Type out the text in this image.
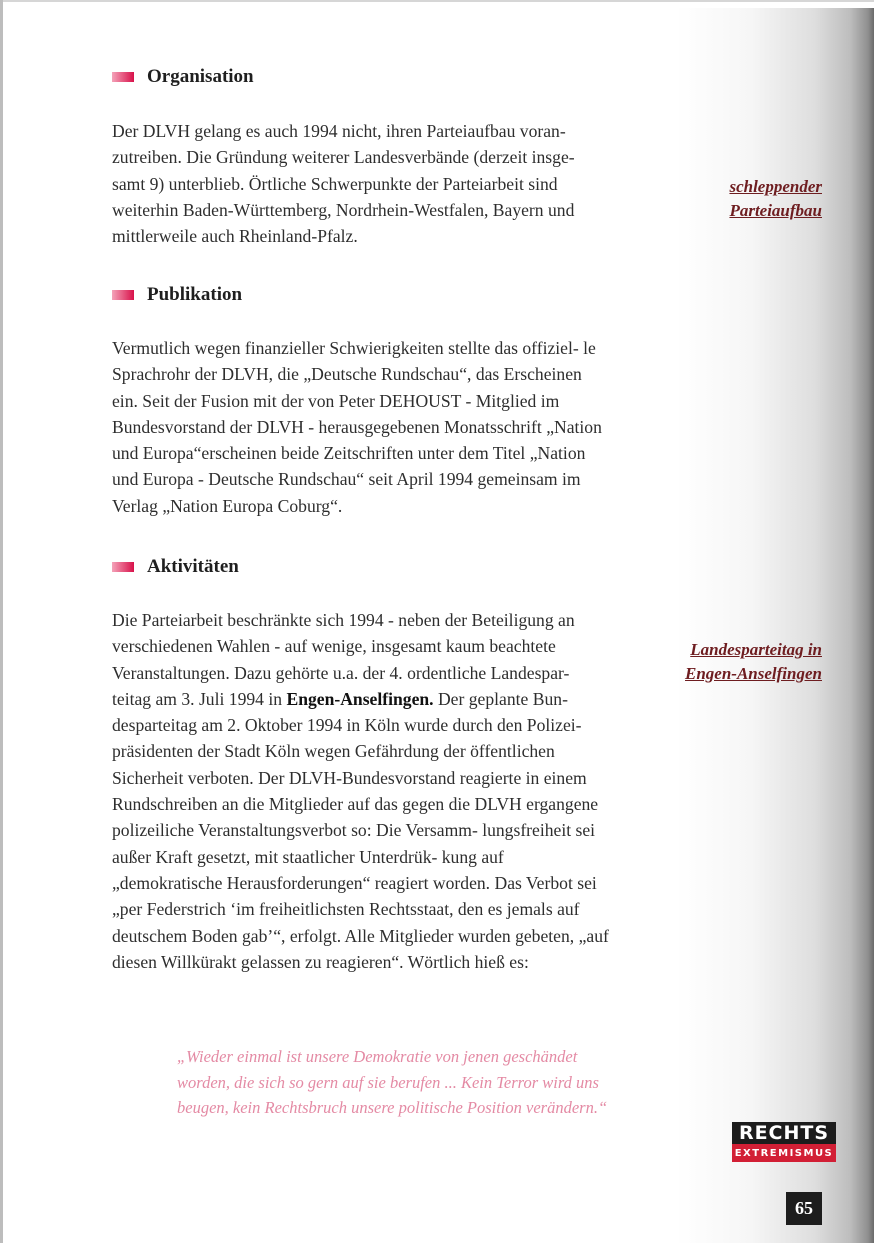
Organisation

Der DLVH gelang es auch 1994 nicht, ihren Parteiaufbau voran- zutreiben. Die Gründung weiterer Landesverbände (derzeit insge- samt 9) unterblieb. Örtliche Schwerpunkte der Parteiarbeit sind weiterhin Baden-Württemberg, Nordrhein-Westfalen, Bayern und mittlerweile auch Rheinland-Pfalz.

Publikation

Vermutlich wegen finanzieller Schwierigkeiten stellte das offiziel- le Sprachrohr der DLVH, die „Deutsche Rundschau“, das Erscheinen ein. Seit der Fusion mit der von Peter DEHOUST - Mitglied im Bundesvorstand der DLVH - herausgegebenen Monatsschrift „Nation und Europa“erscheinen beide Zeitschriften unter dem Titel „Nation und Europa - Deutsche Rundschau“ seit April 1994 gemeinsam im Verlag „Nation Europa Coburg“.

Aktivitäten

Die Parteiarbeit beschränkte sich 1994 - neben der Beteiligung an verschiedenen Wahlen - auf wenige, insgesamt kaum beachtete Veranstaltungen. Dazu gehörte u.a. der 4. ordentliche Landespar- teitag am 3. Juli 1994 in Engen-Anselfingen. Der geplante Bun- desparteitag am 2. Oktober 1994 in Köln wurde durch den Polizei- präsidenten der Stadt Köln wegen Gefährdung der öffentlichen Sicherheit verboten. Der DLVH-Bundesvorstand reagierte in einem Rundschreiben an die Mitglieder auf das gegen die DLVH ergangene polizeiliche Veranstaltungsverbot so: Die Versamm- lungsfreiheit sei außer Kraft gesetzt, mit staatlicher Unterdrük- kung auf „demokratische Herausforderungen“ reagiert worden. Das Verbot sei „per Federstrich ‘im freiheitlichsten Rechtsstaat, den es jemals auf deutschem Boden gab’“, erfolgt. Alle Mitglieder wurden gebeten, „auf diesen Willkürakt gelassen zu reagieren“. Wörtlich hieß es:

„Wieder einmal ist unsere Demokratie von jenen geschändet worden, die sich so gern auf sie berufen ... Kein Terror wird uns beugen, kein Rechtsbruch unsere politische Position verändern.“
schleppender
Parteiaufbau
Landesparteitag in
Engen-Anselfingen
RECHTS
EXTREMISMUS
65
